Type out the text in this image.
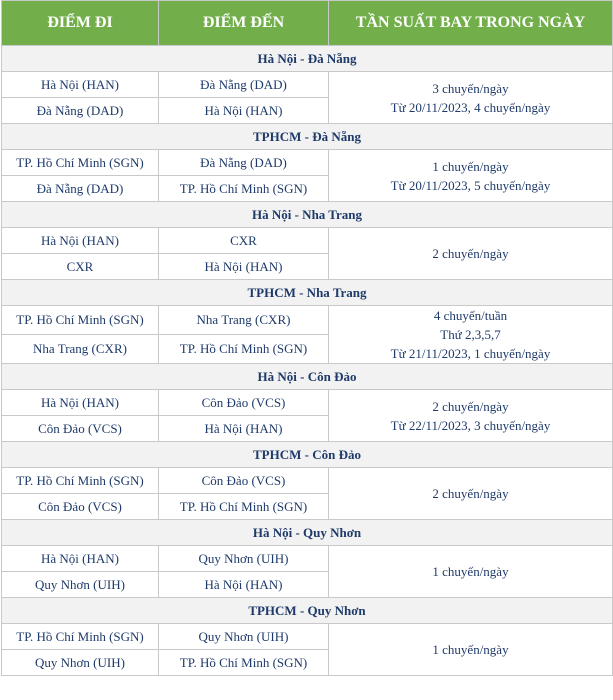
ĐIỂM ĐI	ĐIỂM ĐẾN	TẦN SUẤT BAY TRONG NGÀY
Hà Nội - Đà Nẵng		
Hà Nội (HAN)	Đà Nẵng (DAD)	3 chuyến/ngày
Từ 20/11/2023, 4 chuyến/ngày

Đà Nẵng (DAD)	Hà Nội (HAN)	
TPHCM - Đà Nẵng		
TP. Hồ Chí Minh (SGN)	Đà Nẵng (DAD)	1 chuyến/ngày
Từ 20/11/2023, 5 chuyến/ngày

Đà Nẵng (DAD)	TP. Hồ Chí Minh (SGN)	
Hà Nội - Nha Trang		
Hà Nội (HAN)	CXR	2 chuyến/ngày

CXR	Hà Nội (HAN)	
TPHCM - Nha Trang		
TP. Hồ Chí Minh (SGN)	Nha Trang (CXR)	4 chuyến/tuần
Thứ 2,3,5,7
Từ 21/11/2023, 1 chuyến/ngày

Nha Trang (CXR)	TP. Hồ Chí Minh (SGN)	
Hà Nội - Côn Đảo		
Hà Nội (HAN)	Côn Đảo (VCS)	2 chuyến/ngày
Từ 22/11/2023, 3 chuyến/ngày

Côn Đảo (VCS)	Hà Nội (HAN)	
TPHCM - Côn Đảo		
TP. Hồ Chí Minh (SGN)	Côn Đảo (VCS)	2 chuyến/ngày

Côn Đảo (VCS)	TP. Hồ Chí Minh (SGN)	
Hà Nội - Quy Nhơn		
Hà Nội (HAN)	Quy Nhơn (UIH)	1 chuyến/ngày

Quy Nhơn (UIH)	Hà Nội (HAN)	
TPHCM - Quy Nhơn		
TP. Hồ Chí Minh (SGN)	Quy Nhơn (UIH)	1 chuyến/ngày

Quy Nhơn (UIH)	TP. Hồ Chí Minh (SGN)	
